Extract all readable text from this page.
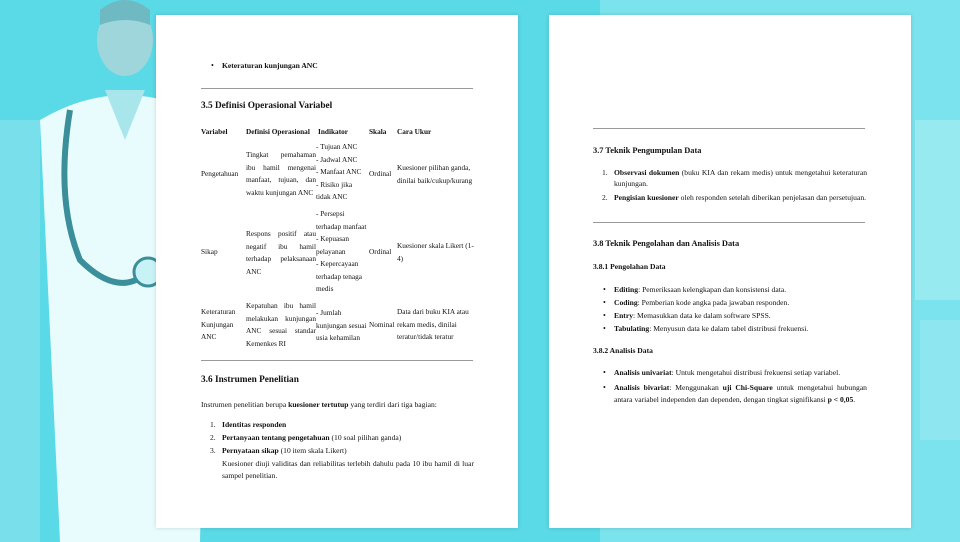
• Keteraturan kunjungan ANC
3.5 Definisi Operasional Variabel
Variabel	Definisi Operasional Indikator	Skala Cara Ukur
Pengetahuan
Tingkat pemahaman ibu hamil mengenai manfaat, tujuan, dan waktu kunjungan ANC
- Tujuan ANC
- Jadwal ANC
- Manfaat ANC
- Risiko jika tidak ANC
Ordinal
Kuesioner pilihan ganda, dinilai baik/cukup/kurang
Sikap
Respons positif atau negatif ibu hamil terhadap pelaksanaan ANC
- Persepsi terhadap manfaat
- Kepuasan pelayanan
- Kepercayaan terhadap tenaga medis
Ordinal
Kuesioner skala Likert (1-4)
Keteraturan Kunjungan ANC
Kepatuhan ibu hamil melakukan kunjungan ANC sesuai standar Kemenkes RI
- Jumlah kunjungan sesuai usia kehamilan
Nominal
Data dari buku KIA atau rekam medis, dinilai teratur/tidak teratur
3.6 Instrumen Penelitian
Instrumen penelitian berupa kuesioner tertutup yang terdiri dari tiga bagian:
1. Identitas responden
2. Pertanyaan tentang pengetahuan (10 soal pilihan ganda)
3. Pernyataan sikap (10 item skala Likert)
Kuesioner diuji validitas dan reliabilitas terlebih dahulu pada 10 ibu hamil di luar sampel penelitian.
3.7 Teknik Pengumpulan Data
1. Observasi dokumen (buku KIA dan rekam medis) untuk mengetahui keteraturan kunjungan.
2. Pengisian kuesioner oleh responden setelah diberikan penjelasan dan persetujuan.
3.8 Teknik Pengolahan dan Analisis Data
3.8.1 Pengolahan Data
• Editing: Pemeriksaan kelengkapan dan konsistensi data.
• Coding: Pemberian kode angka pada jawaban responden.
• Entry: Memasukkan data ke dalam software SPSS.
• Tabulating: Menyusun data ke dalam tabel distribusi frekuensi.
3.8.2 Analisis Data
• Analisis univariat: Untuk mengetahui distribusi frekuensi setiap variabel.
• Analisis bivariat: Menggunakan uji Chi-Square untuk mengetahui hubungan antara variabel independen dan dependen, dengan tingkat signifikansi p < 0,05.
